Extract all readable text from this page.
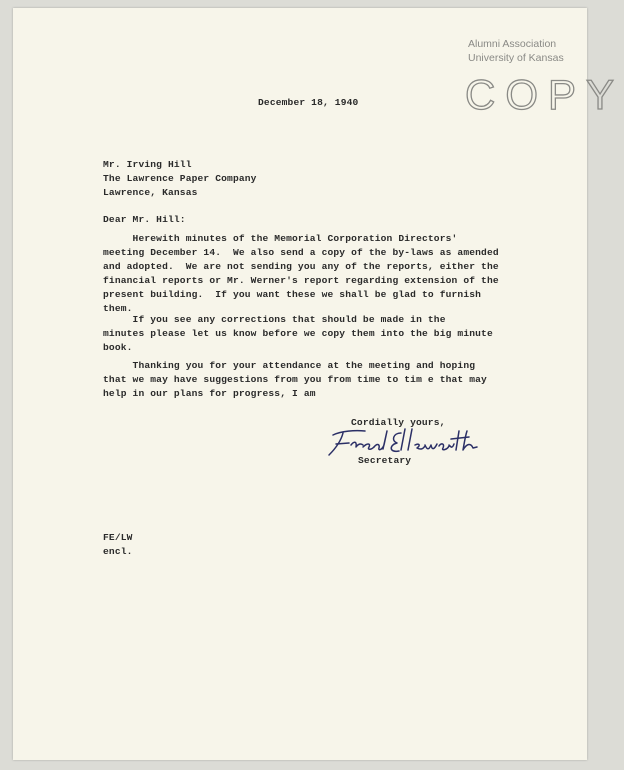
Alumni Association
University of Kansas
COPY
December 18, 1940
Mr. Irving Hill
The Lawrence Paper Company
Lawrence, Kansas
Dear Mr. Hill:
Herewith minutes of the Memorial Corporation Directors'
meeting December 14.  We also send a copy of the by-laws as amended
and adopted.  We are not sending you any of the reports, either the
financial reports or Mr. Werner's report regarding extension of the
present building.  If you want these we shall be glad to furnish
them.
If you see any corrections that should be made in the
minutes please let us know before we copy them into the big minute
book.
Thanking you for your attendance at the meeting and hoping
that we may have suggestions from you from time to tim e that may
help in our plans for progress, I am
Cordially yours,
Secretary
FE/LW
encl.
